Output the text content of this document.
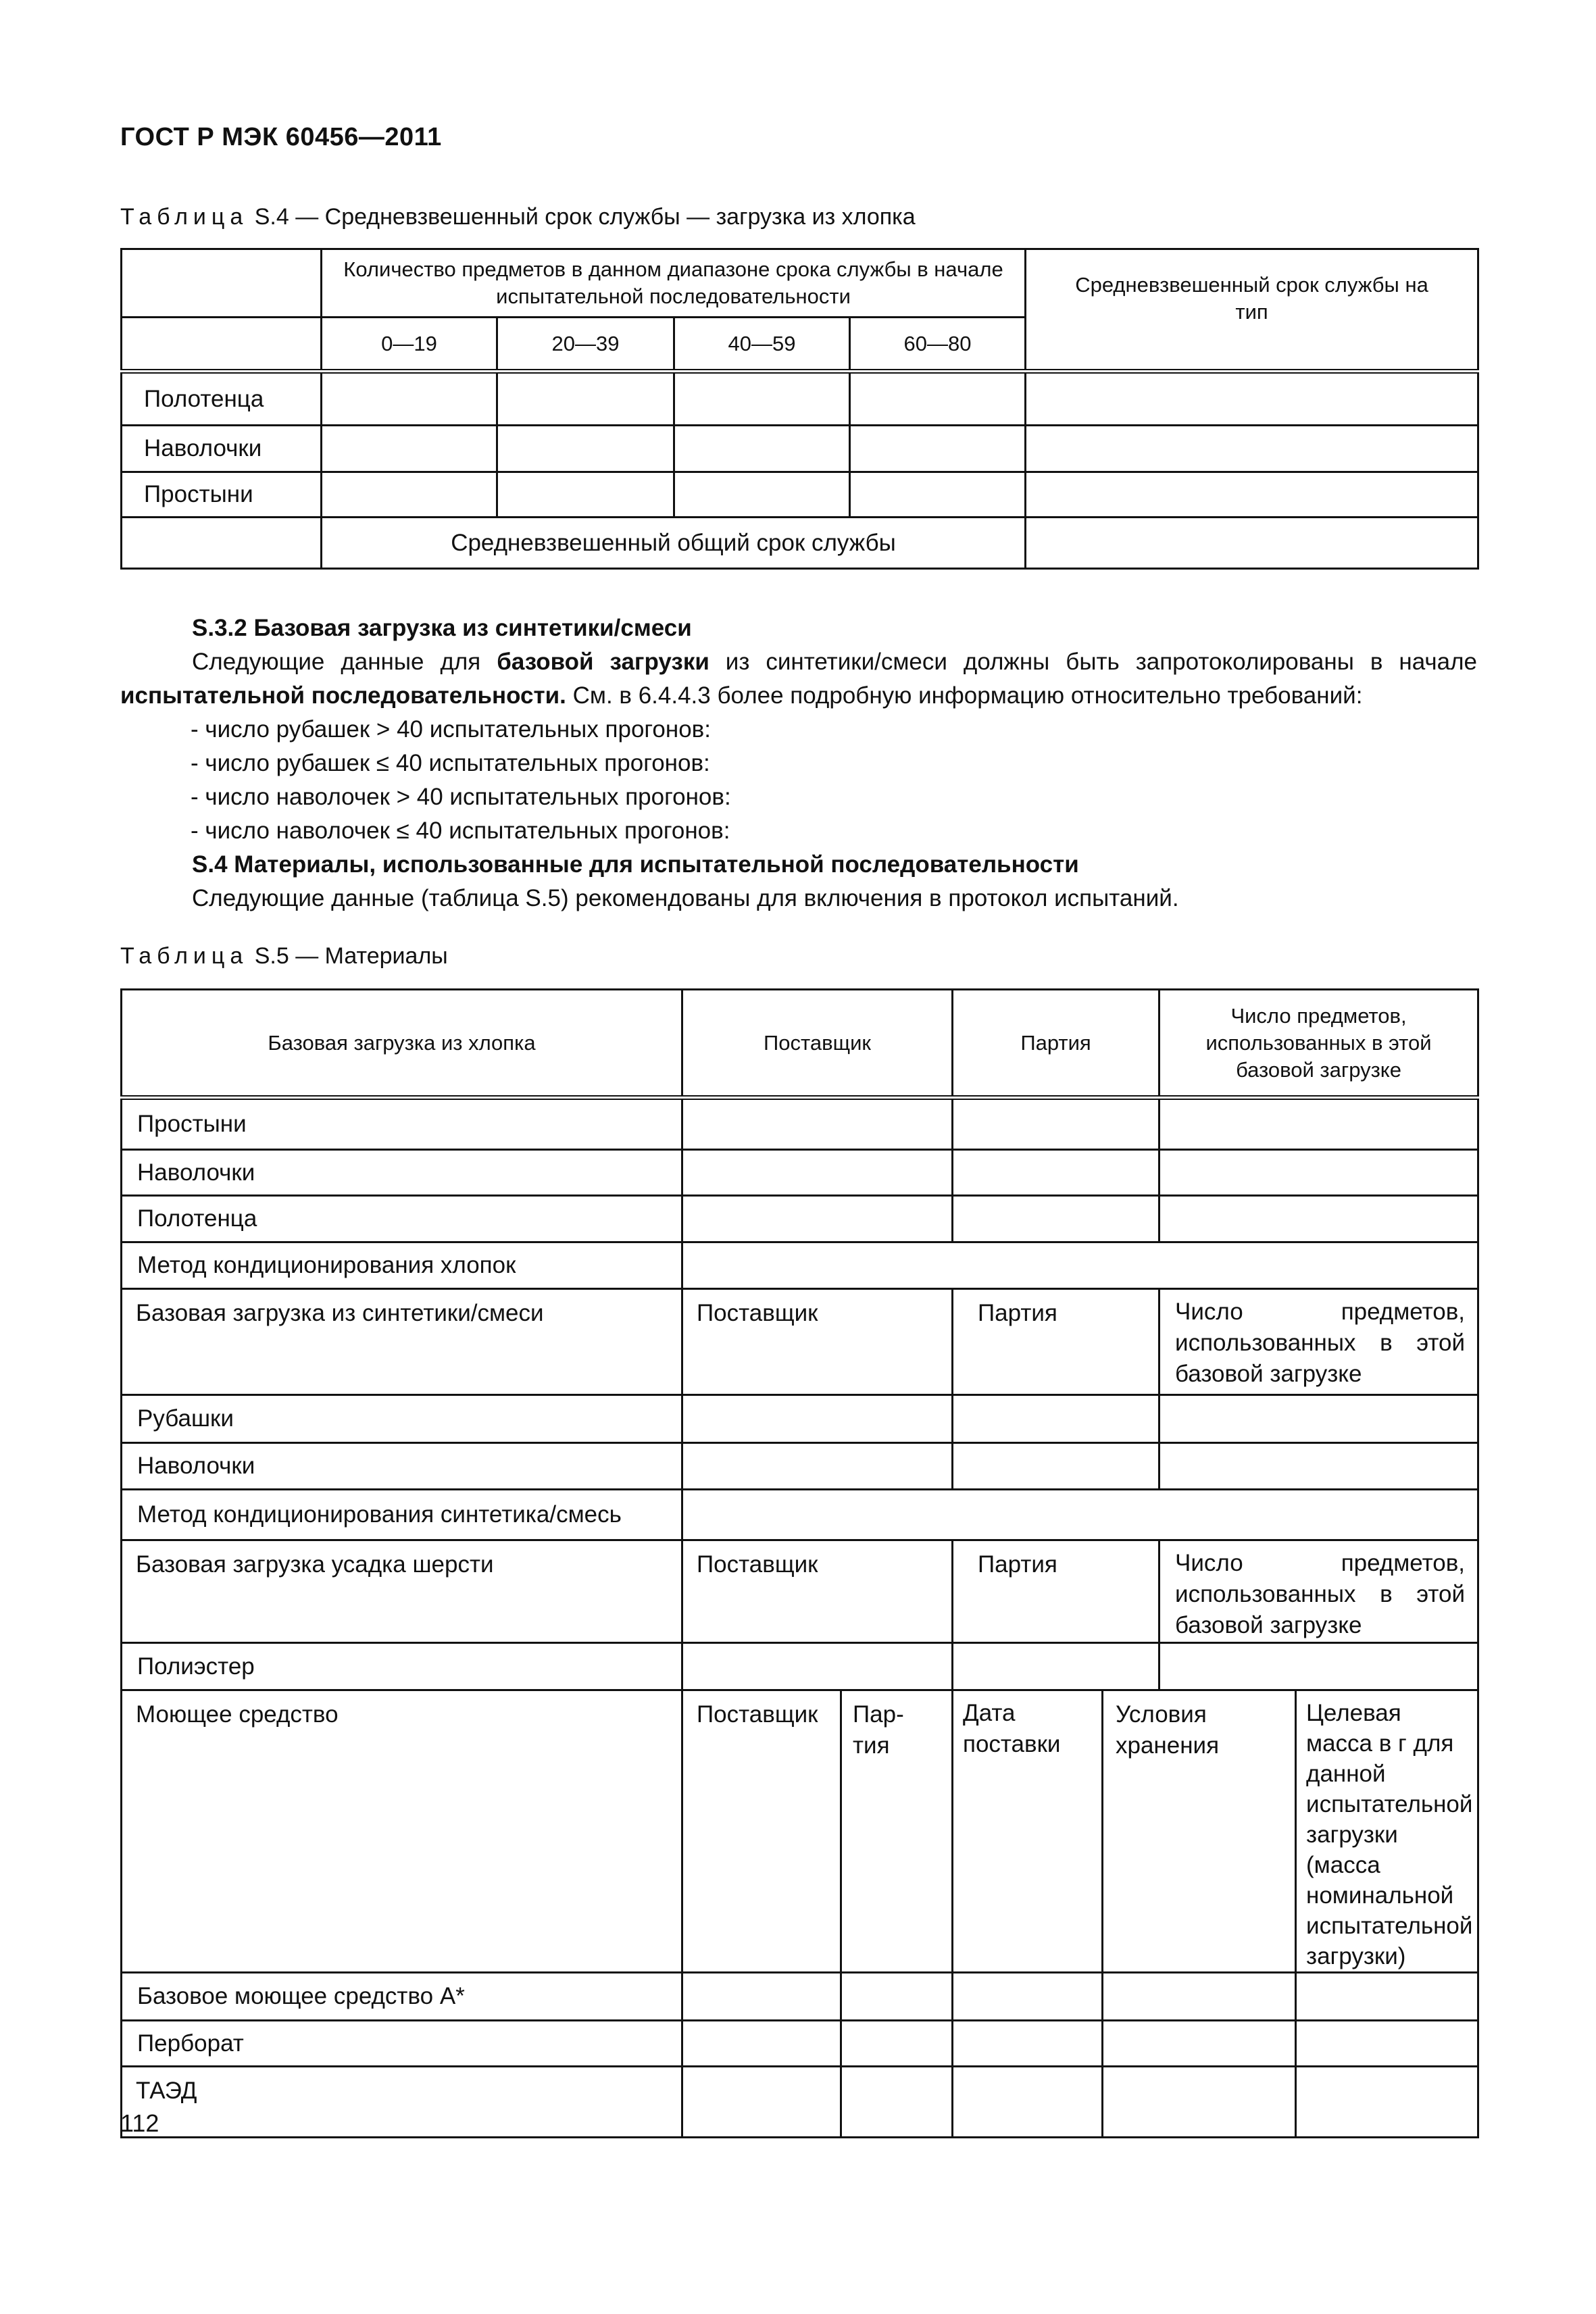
ГОСТ Р МЭК 60456—2011
Таблица S.4 — Средневзвешенный срок службы — загрузка из хлопка
	Количество предметов в данном диапазоне срока службы в начале испытательной последовательности				Средневзвешенный срок службы на тип
	0—19	20—39	40—59	60—80	
Полотенца					
Наволочки					
Простыни					
	Средневзвешенный общий срок службы				
S.3.2 Базовая загрузка из синтетики/смеси
Следующие данные для базовой загрузки из синтетики/смеси должны быть запротоколированы в начале испытательной последовательности. См. в 6.4.4.3 более подробную информацию относительно требований:
- число рубашек > 40 испытательных прогонов:
- число рубашек ≤ 40 испытательных прогонов:
- число наволочек > 40 испытательных прогонов:
- число наволочек ≤ 40 испытательных прогонов:
S.4 Материалы, использованные для испытательной последовательности
Следующие данные (таблица S.5) рекомендованы для включения в протокол испытаний.
Таблица S.5 — Материалы
Базовая загрузка из хлопка	Поставщик		Партия		Число предметов, использованных в этой базовой загрузке	
Простыни						
Наволочки						
Полотенца						
Метод кондиционирования хлопок						
Базовая загрузка из синтетики/смеси	Поставщик		Партия		Число предметов, использованных в этой базовой загрузке	
Рубашки						
Наволочки						
Метод кондиционирования синтетика/смесь						
Базовая загрузка усадка шерсти	Поставщик		Партия		Число предметов, использованных в этой базовой загрузке	
Полиэстер						
Моющее средство	Поставщик	Пар-тия	Дата поставки	Условия хранения		Целевая масса в г для данной испытательной загрузки (масса номинальной испытательной загрузки)
Базовое моющее средство А*						
Перборат						
ТАЭД						
112
